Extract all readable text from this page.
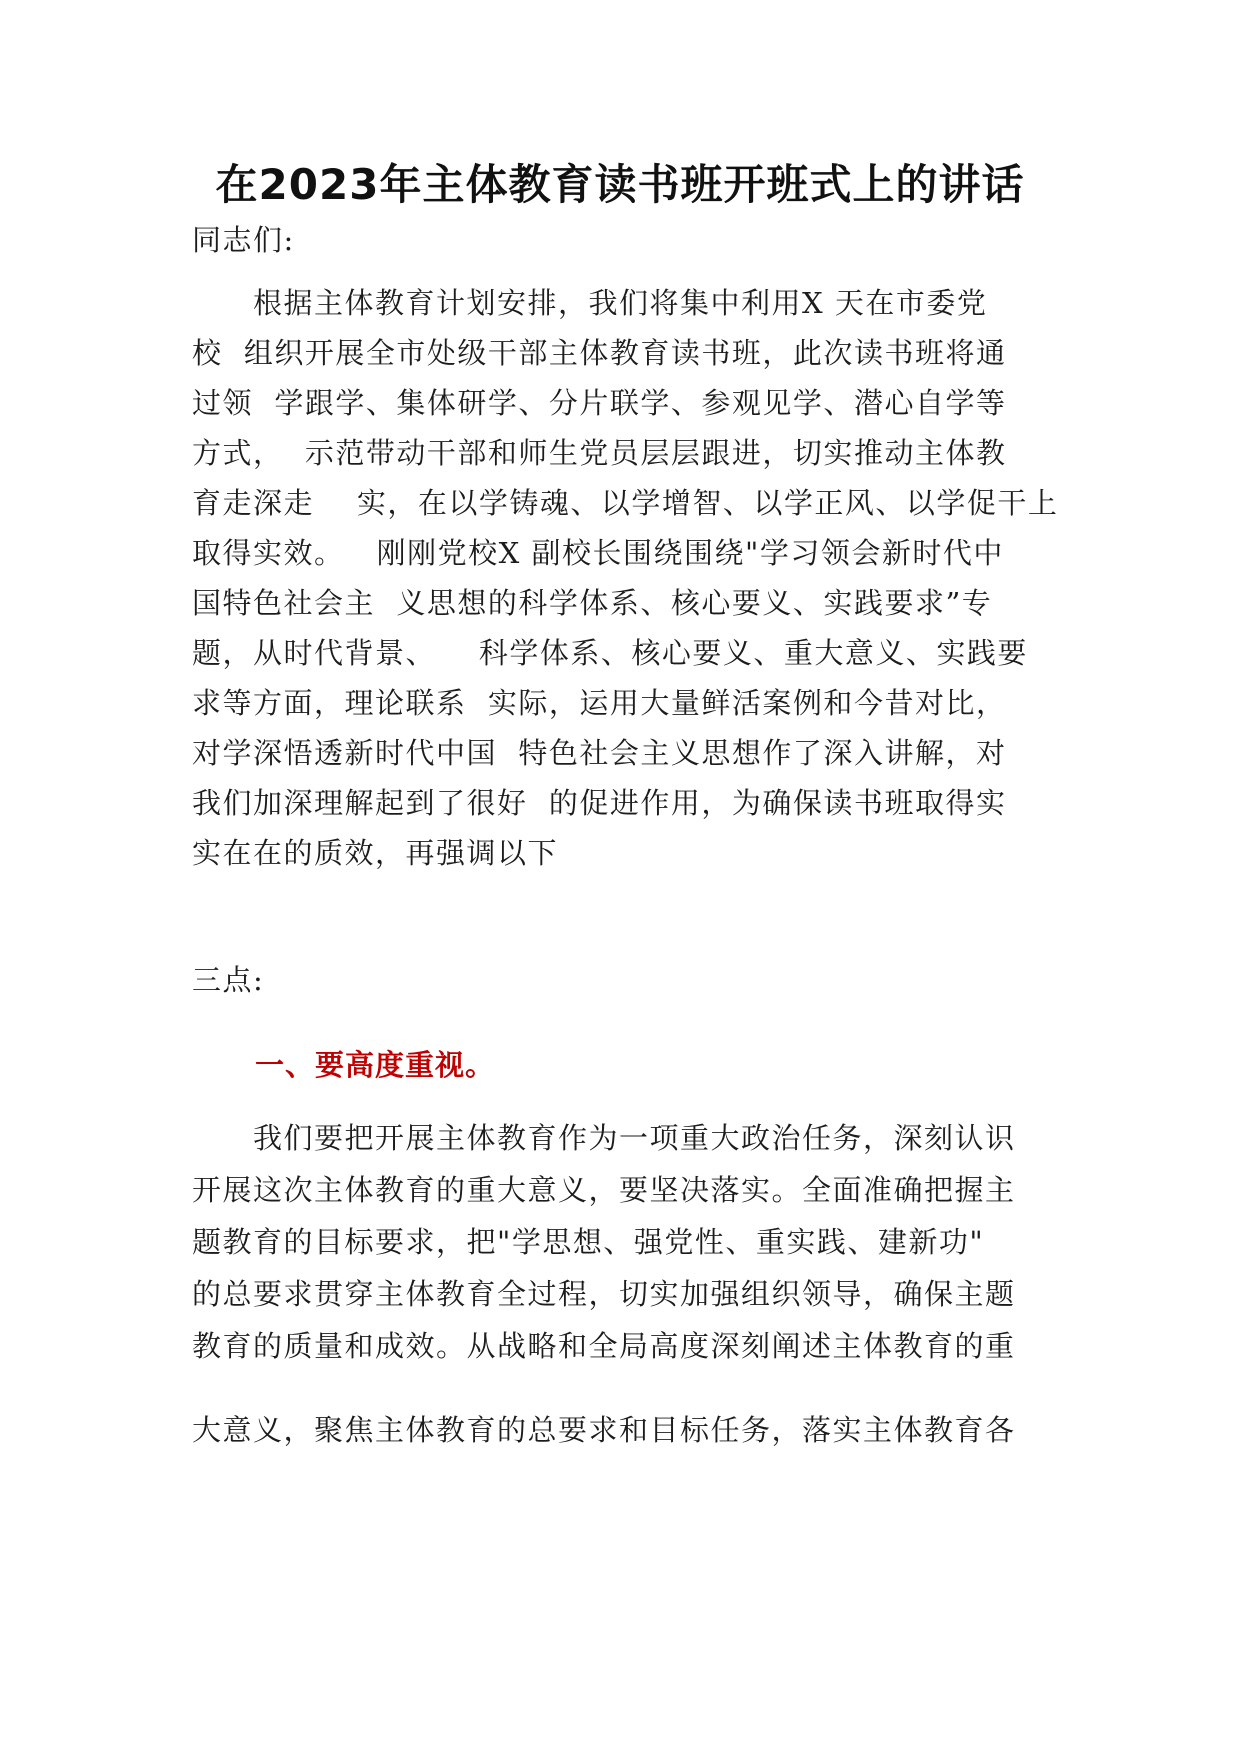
在2023年主体教育读书班开班式上的讲话
同志们:
　　根据主体教育计划安排，我们将集中利用X 天在市委党
校  组织开展全市处级干部主体教育读书班，此次读书班将通
过领  学跟学、集体研学、分片联学、参观见学、潜心自学等
方式，  示范带动干部和师生党员层层跟进，切实推动主体教
育走深走    实，在以学铸魂、以学增智、以学正风、以学促干上
取得实效。   刚刚党校X 副校长围绕围绕"学习领会新时代中
国特色社会主  义思想的科学体系、核心要义、实践要求”专
题，从时代背景、    科学体系、核心要义、重大意义、实践要
求等方面，理论联系  实际，运用大量鲜活案例和今昔对比，
对学深悟透新时代中国  特色社会主义思想作了深入讲解，对
我们加深理解起到了很好  的促进作用，为确保读书班取得实
实在在的质效，再强调以下
三点:
一、要高度重视。
　　我们要把开展主体教育作为一项重大政治任务，深刻认识
开展这次主体教育的重大意义，要坚决落实。全面准确把握主
题教育的目标要求，把"学思想、强党性、重实践、建新功"
的总要求贯穿主体教育全过程，切实加强组织领导，确保主题
教育的质量和成效。从战略和全局高度深刻阐述主体教育的重
大意义，聚焦主体教育的总要求和目标任务，落实主体教育各
